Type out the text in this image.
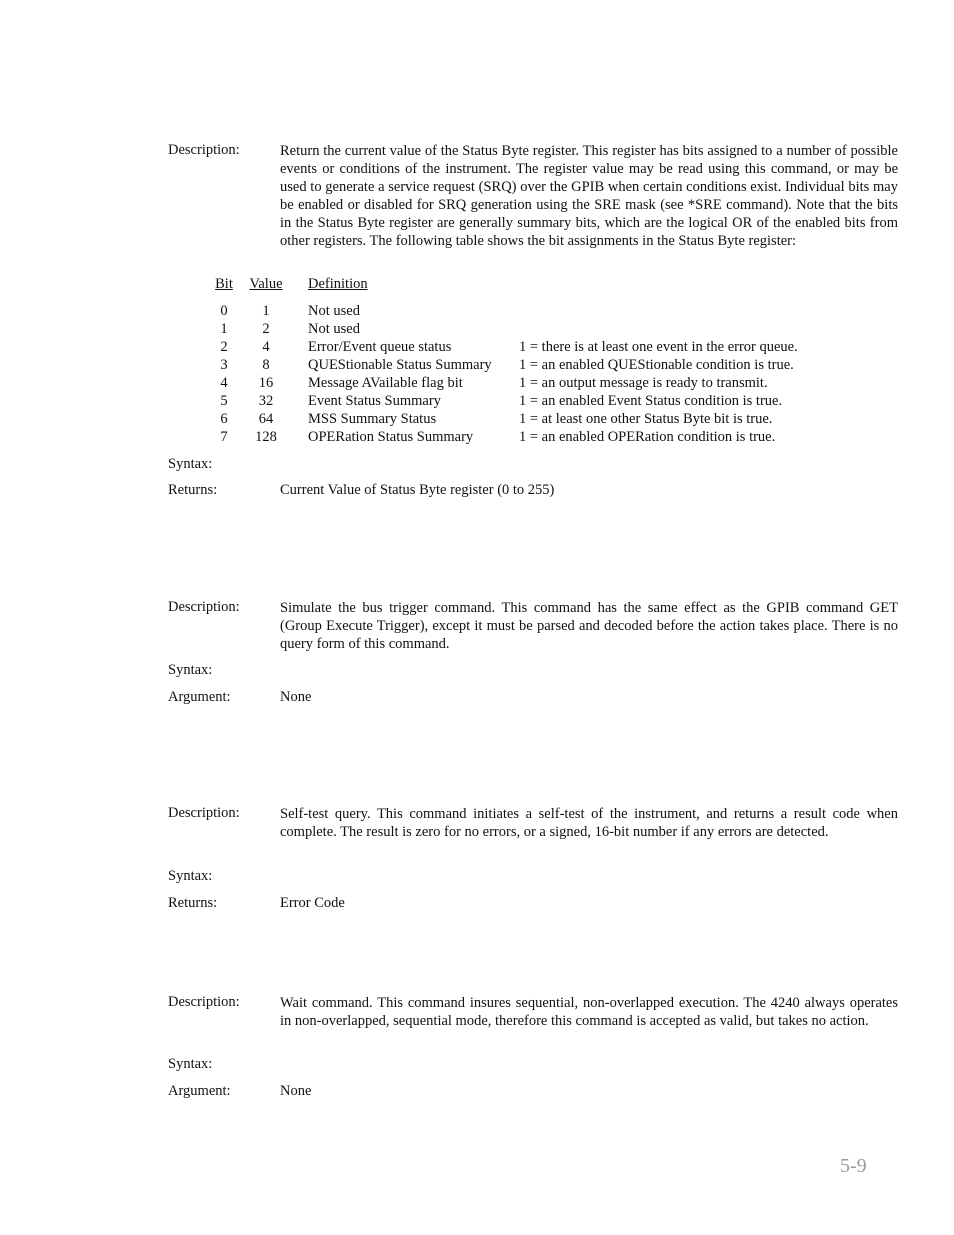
Description:	Return the current value of the Status Byte register. This register has bits assigned to a number of possible events or conditions of the instrument. The register value may be read using this command, or may be used to generate a service request (SRQ) over the GPIB when certain conditions exist. Individual bits may be enabled or disabled for SRQ generation using the SRE mask (see *SRE command). Note that the bits in the Status Byte register are generally summary bits, which are the logical OR of the enabled bits from other registers. The following table shows the bit assignments in the Status Byte register:
Bit Value Definition
0	1	Not used
1	2	Not used
2	4	Error/Event queue status	1 = there is at least one event in the error queue.
3	8	QUEStionable Status Summary 1 = an enabled QUEStionable condition is true.
4	16	Message AVailable flag bit	1 = an output message is ready to transmit.
5	32	Event Status Summary	1 = an enabled Event Status condition is true.
6	64	MSS Summary Status	1 = at least one other Status Byte bit is true.
7	128	OPERation Status Summary	1 = an enabled OPERation condition is true.
Syntax:
Returns:	Current Value of Status Byte register (0 to 255)
Description:	Simulate the bus trigger command. This command has the same effect as the GPIB command GET (Group Execute Trigger), except it must be parsed and decoded before the action takes place. There is no query form of this command.
Syntax:
Argument:	None
Description:	Self-test query. This command initiates a self-test of the instrument, and returns a result code when complete. The result is zero for no errors, or a signed, 16-bit number if any errors are detected.
Syntax:
Returns:	Error Code
Description:	Wait command. This command insures sequential, non-overlapped execution. The 4240 always operates in non-overlapped, sequential mode, therefore this command is accepted as valid, but takes no action.
Syntax:
Argument:	None
5-9
